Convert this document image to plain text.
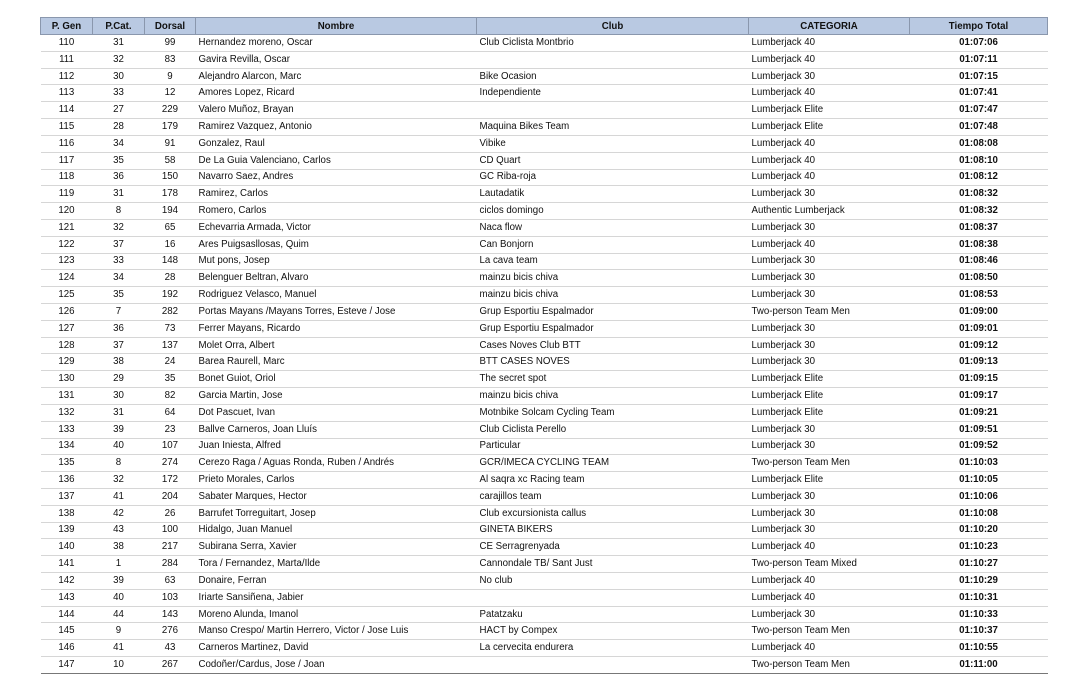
P. Gen	P.Cat.	Dorsal	Nombre	Club	CATEGORIA	Tiempo Total
110	31	99	Hernandez moreno, Oscar	Club Ciclista Montbrio	Lumberjack 40	01:07:06
111	32	83	Gavira Revilla, Oscar		Lumberjack 40	01:07:11
112	30	9	Alejandro Alarcon, Marc	Bike Ocasion	Lumberjack 30	01:07:15
113	33	12	Amores Lopez, Ricard	Independiente	Lumberjack 40	01:07:41
114	27	229	Valero Muñoz, Brayan		Lumberjack Elite	01:07:47
115	28	179	Ramirez Vazquez, Antonio	Maquina Bikes Team	Lumberjack Elite	01:07:48
116	34	91	Gonzalez, Raul	Vibike	Lumberjack 40	01:08:08
117	35	58	De La Guia Valenciano, Carlos	CD Quart	Lumberjack 40	01:08:10
118	36	150	Navarro Saez, Andres	GC Riba-roja	Lumberjack 40	01:08:12
119	31	178	Ramirez, Carlos	Lautadatik	Lumberjack 30	01:08:32
120	8	194	Romero, Carlos	ciclos domingo	Authentic Lumberjack	01:08:32
121	32	65	Echevarria Armada, Victor	Naca flow	Lumberjack 30	01:08:37
122	37	16	Ares Puigsasllosas, Quim	Can Bonjorn	Lumberjack 40	01:08:38
123	33	148	Mut pons, Josep	La cava team	Lumberjack 30	01:08:46
124	34	28	Belenguer Beltran, Alvaro	mainzu bicis chiva	Lumberjack 30	01:08:50
125	35	192	Rodriguez Velasco, Manuel	mainzu bicis chiva	Lumberjack 30	01:08:53
126	7	282	Portas Mayans /Mayans Torres, Esteve / Jose	Grup Esportiu Espalmador	Two-person Team Men	01:09:00
127	36	73	Ferrer Mayans, Ricardo	Grup Esportiu Espalmador	Lumberjack 30	01:09:01
128	37	137	Molet Orra, Albert	Cases Noves Club BTT	Lumberjack 30	01:09:12
129	38	24	Barea Raurell, Marc	BTT CASES NOVES	Lumberjack 30	01:09:13
130	29	35	Bonet Guiot, Oriol	The secret spot	Lumberjack Elite	01:09:15
131	30	82	Garcia Martin, Jose	mainzu bicis chiva	Lumberjack Elite	01:09:17
132	31	64	Dot Pascuet, Ivan	Motnbike Solcam Cycling Team	Lumberjack Elite	01:09:21
133	39	23	Ballve Carneros, Joan Lluís	Club Ciclista Perello	Lumberjack 30	01:09:51
134	40	107	Juan Iniesta, Alfred	Particular	Lumberjack 30	01:09:52
135	8	274	Cerezo Raga / Aguas Ronda, Ruben / Andrés	GCR/IMECA CYCLING TEAM	Two-person Team Men	01:10:03
136	32	172	Prieto Morales, Carlos	Al saqra xc Racing team	Lumberjack Elite	01:10:05
137	41	204	Sabater Marques, Hector	carajillos team	Lumberjack 30	01:10:06
138	42	26	Barrufet Torreguitart, Josep	Club excursionista callus	Lumberjack 30	01:10:08
139	43	100	Hidalgo, Juan Manuel	GINETA BIKERS	Lumberjack 30	01:10:20
140	38	217	Subirana Serra, Xavier	CE Serragrenyada	Lumberjack 40	01:10:23
141	1	284	Tora / Fernandez, Marta/Ilde	Cannondale TB/ Sant Just	Two-person Team Mixed	01:10:27
142	39	63	Donaire, Ferran	No club	Lumberjack 40	01:10:29
143	40	103	Iriarte Sansiñena, Jabier		Lumberjack 40	01:10:31
144	44	143	Moreno Alunda, Imanol	Patatzaku	Lumberjack 30	01:10:33
145	9	276	Manso Crespo/ Martin Herrero, Victor / Jose Luis	HACT by Compex	Two-person Team Men	01:10:37
146	41	43	Carneros Martinez, David	La cervecita endurera	Lumberjack 40	01:10:55
147	10	267	Codoñer/Cardus, Jose / Joan		Two-person Team Men	01:11:00
